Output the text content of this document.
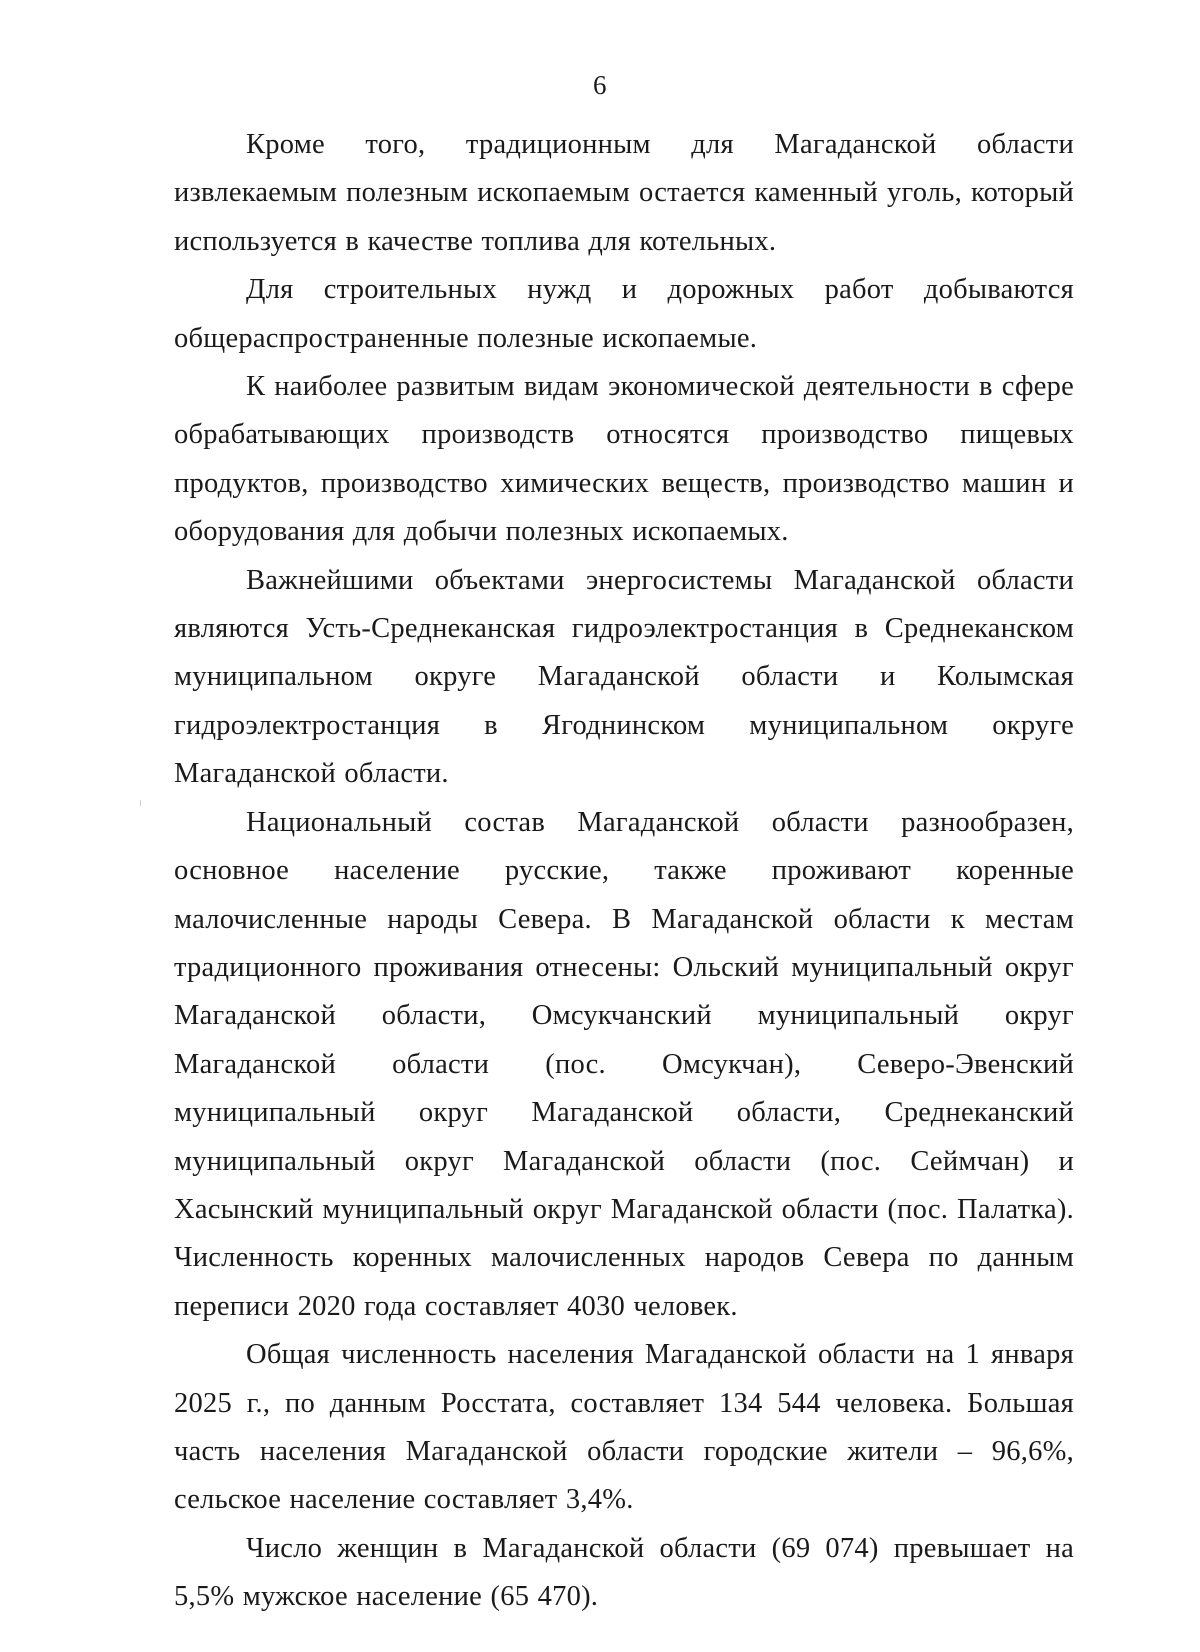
6

Кроме того, традиционным для Магаданской области извлекаемым полезным ископаемым остается каменный уголь, который используется в качестве топлива для котельных.

Для строительных нужд и дорожных работ добываются общераспространенные полезные ископаемые.

К наиболее развитым видам экономической деятельности в сфере обрабатывающих производств относятся производство пищевых продуктов, производство химических веществ, производство машин и оборудования для добычи полезных ископаемых.

Важнейшими объектами энергосистемы Магаданской области являются Усть-Среднеканская гидроэлектростанция в Среднеканском муниципальном округе Магаданской области и Колымская гидроэлектростанция в Ягоднинском муниципальном округе Магаданской области.

Национальный состав Магаданской области разнообразен, основное население русские, также проживают коренные малочисленные народы Севера. В Магаданской области к местам традиционного проживания отнесены: Ольский муниципальный округ Магаданской области, Омсукчанский муниципальный округ Магаданской области (пос. Омсукчан), Северо-Эвенский муниципальный округ Магаданской области, Среднеканский муниципальный округ Магаданской области (пос. Сеймчан) и Хасынский муниципальный округ Магаданской области (пос. Палатка). Численность коренных малочисленных народов Севера по данным переписи 2020 года составляет 4030 человек.

Общая численность населения Магаданской области на 1 января 2025 г., по данным Росстата, составляет 134 544 человека. Большая часть населения Магаданской области городские жители – 96,6%, сельское население составляет 3,4%.

Число женщин в Магаданской области (69 074) превышает на 5,5% мужское население (65 470).
